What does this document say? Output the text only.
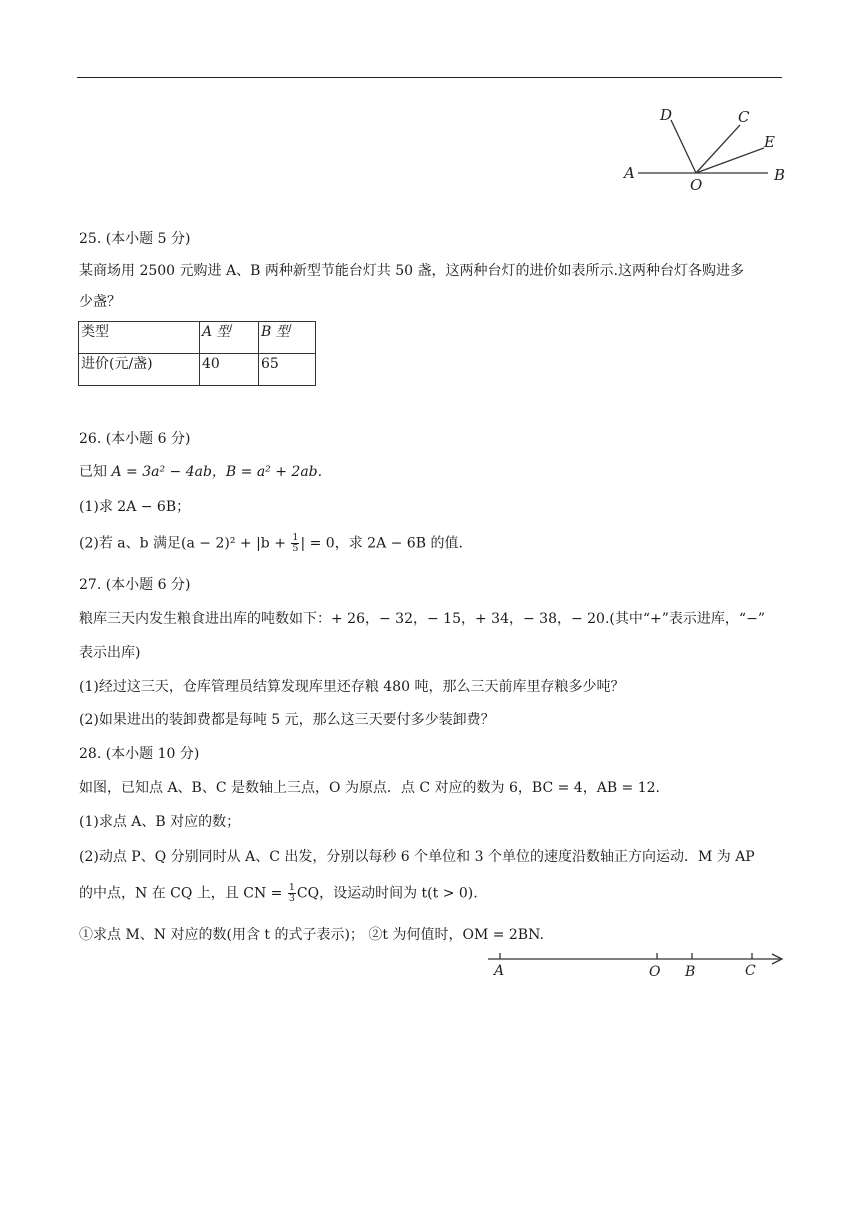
A	B
O
D	C
E
25. (本小题 5 分)
某商场用 2500 元购进 A、B 两种新型节能台灯共 50 盏，这两种台灯的进价如表所示.这两种台灯各购进多
少盏？
类型	A 型	B 型
进价(元/盏)	40	65
26. (本小题 6 分)
已知 A = 3a² − 4ab，B = a² + 2ab.
(1)求 2A − 6B；
(2)若 a、b 满足$(a - 2)^2 + |b + \frac{1}{5}$ | = 0，求 2A − 6B 的值.
27. (本小题 6 分)
粮库三天内发生粮食进出库的吨数如下：+ 26，− 32，− 15，+ 34，− 38，− 20.(其中“+”表示进库，“−”
表示出库)
(1)经过这三天，仓库管理员结算发现库里还存粮 480 吨，那么三天前库里存粮多少吨？
(2)如果进出的装卸费都是每吨 5 元，那么这三天要付多少装卸费？
28. (本小题 10 分)
如图，已知点 A、B、C 是数轴上三点，O 为原点．点 C 对应的数为 6，BC = 4，AB = 12.
(1)求点 A、B 对应的数；
(2)动点 P、Q 分别同时从 A、C 出发，分别以每秒 6 个单位和 3 个单位的速度沿数轴正方向运动．M 为 AP
的中点，N 在 CQ 上，且 CN = $\frac{1}{3}$ CQ，设运动时间为 t(t > 0).
①求点 M、N 对应的数(用含 t 的式子表示)； ②t 为何值时，OM = 2BN.
A	O B	C
